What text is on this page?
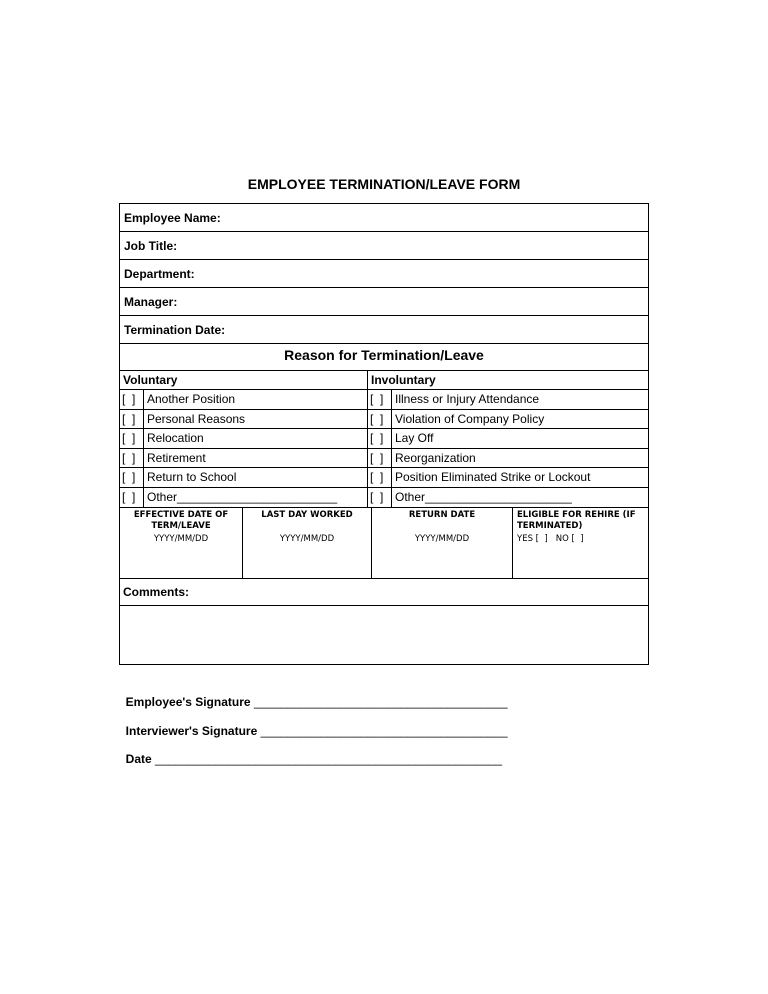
EMPLOYEE TERMINATION/LEAVE FORM
Employee Name:
Job Title:
Department:
Manager:
Termination Date:
Reason for Termination/Leave
Voluntary
[  ] Another Position
[  ] Personal Reasons
[  ] Relocation
[  ] Retirement
[  ] Return to School
[  ] Other________________________
Involuntary
[  ] Illness or Injury Attendance
[  ] Violation of Company Policy
[  ] Lay Off
[  ] Reorganization
[  ] Position Eliminated Strike or Lockout
[  ] Other______________________
EFFECTIVE DATE OF TERM/LEAVE
YYYY/MM/DD
LAST DAY WORKED
YYYY/MM/DD
RETURN DATE
YYYY/MM/DD
ELIGIBLE FOR REHIRE (IF TERMINATED)
YES [  ]   NO [  ]
Comments:

Employee's Signature ______________________________________

Interviewer's Signature _____________________________________

Date ____________________________________________________
